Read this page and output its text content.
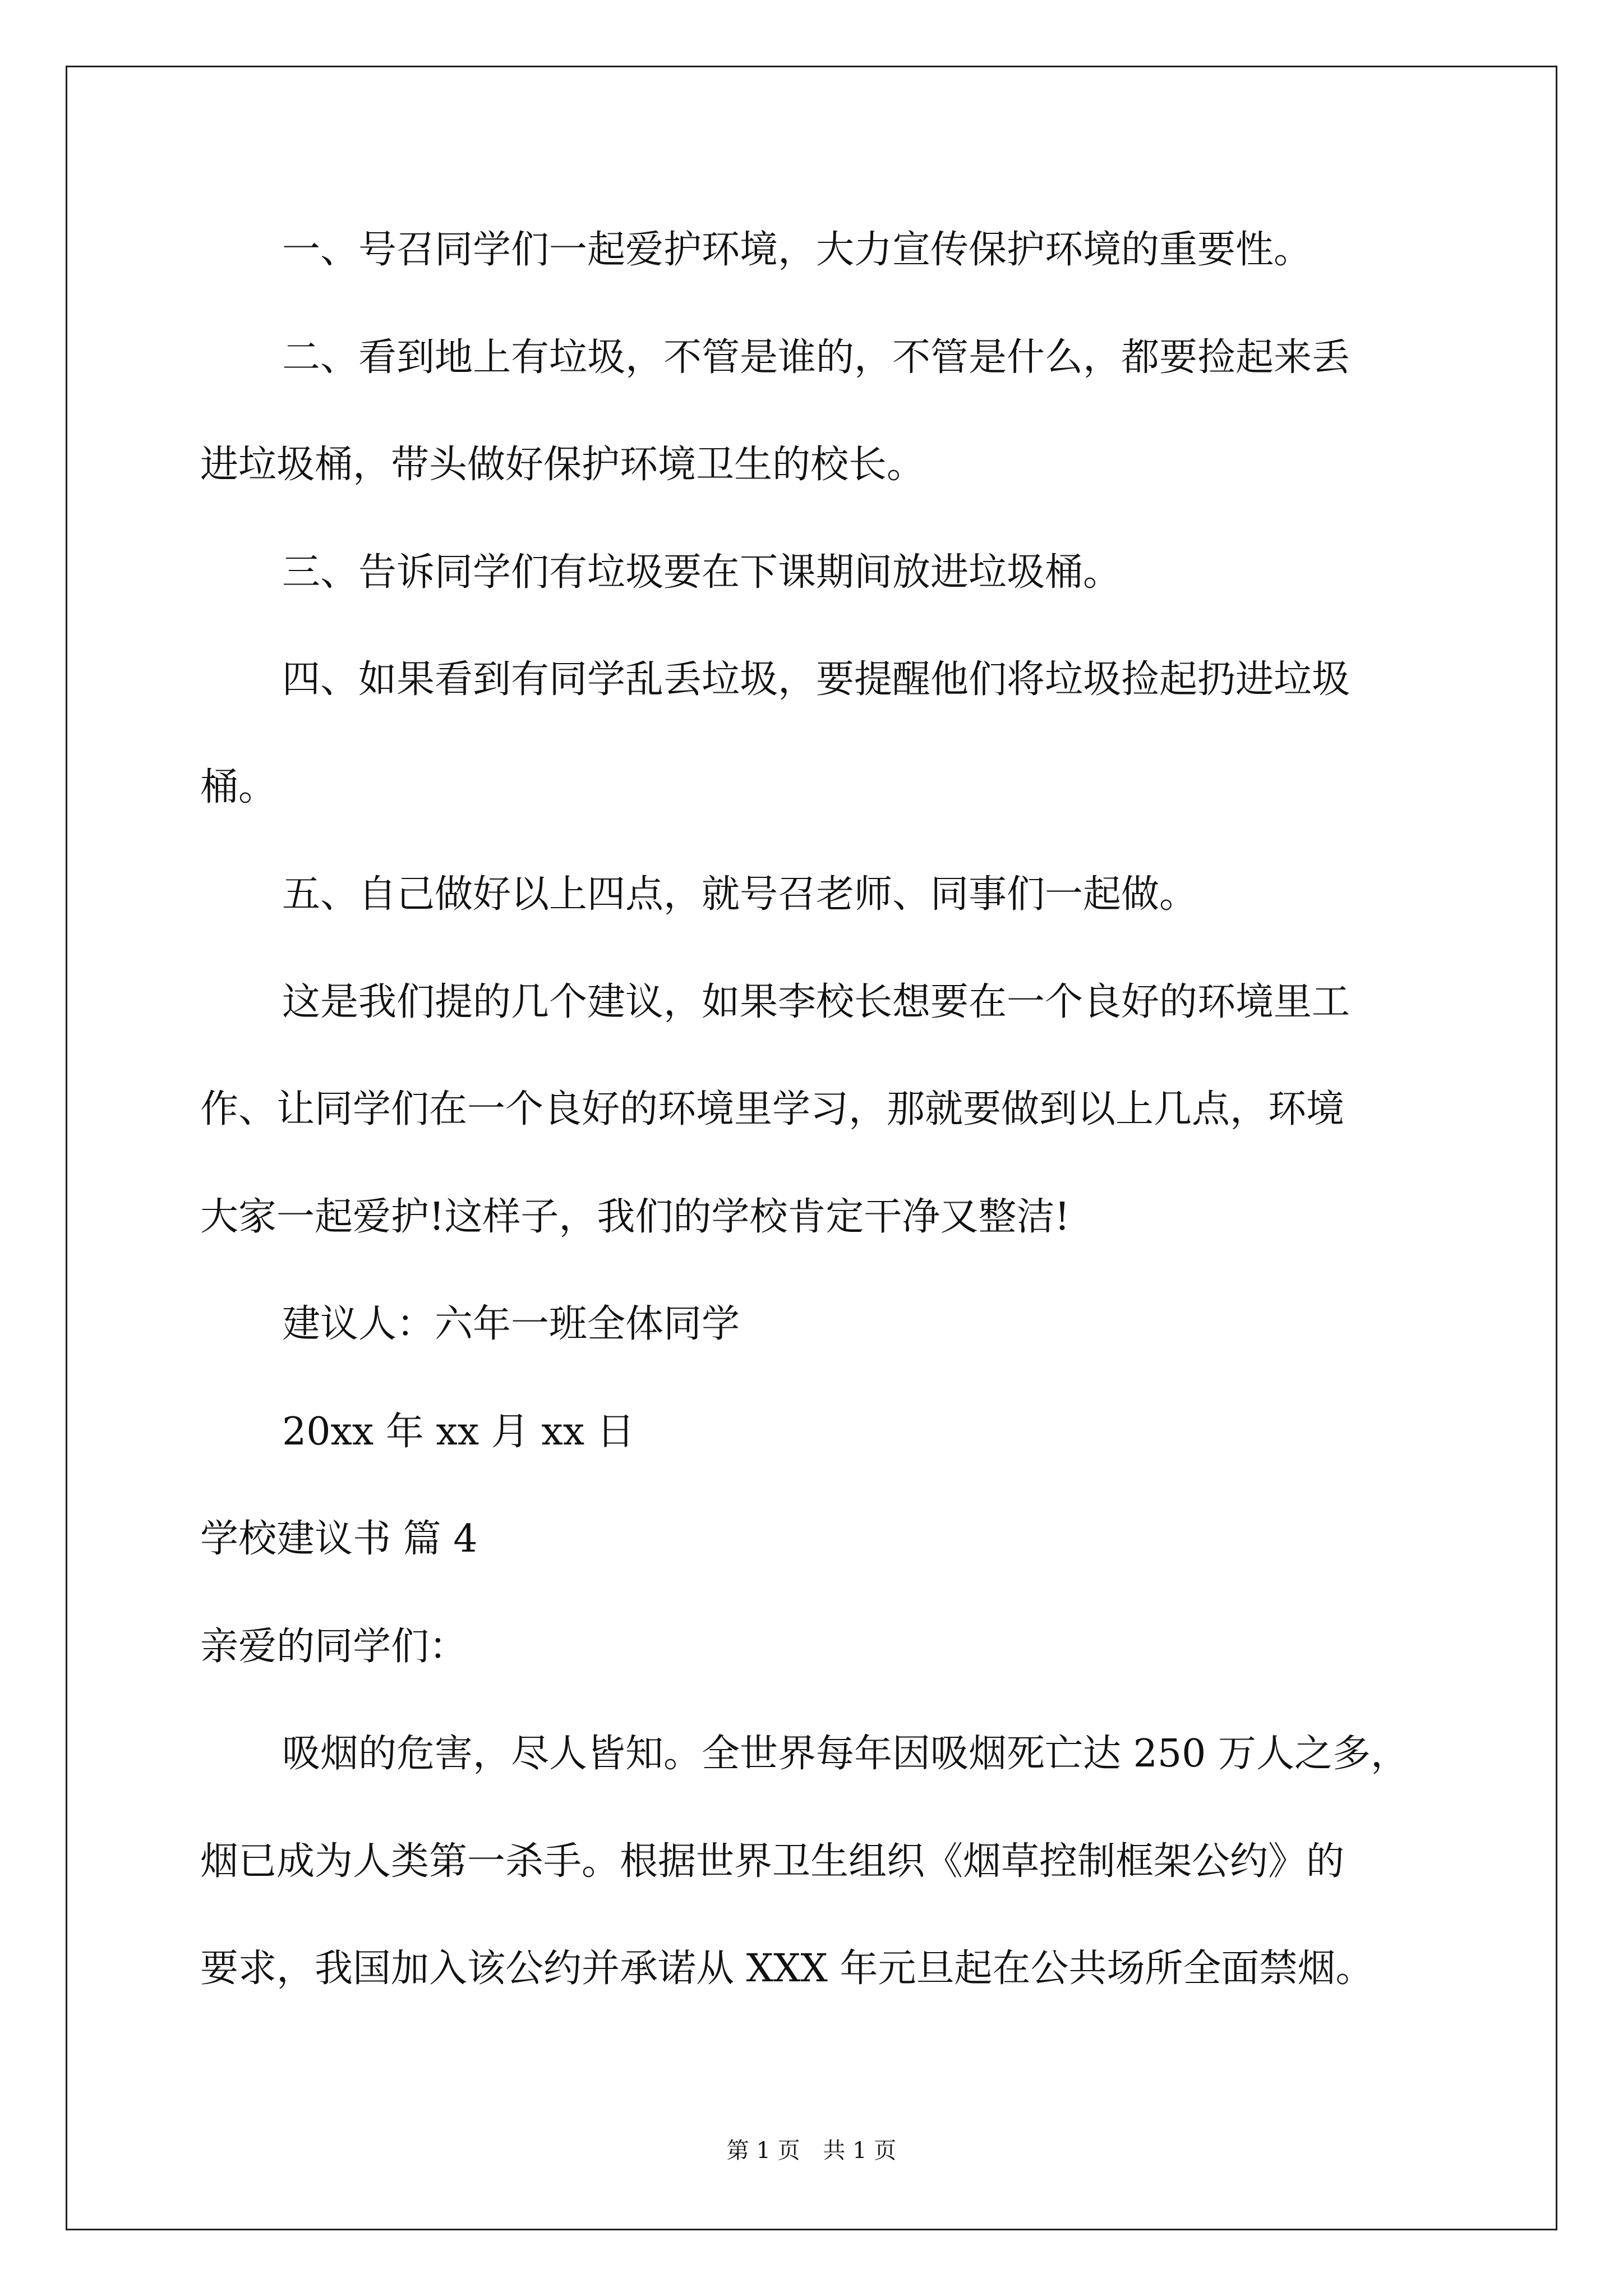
一、号召同学们一起爱护环境，大力宣传保护环境的重要性。

二、看到地上有垃圾，不管是谁的，不管是什么，都要捡起来丢

进垃圾桶，带头做好保护环境卫生的校长。

三、告诉同学们有垃圾要在下课期间放进垃圾桶。

四、如果看到有同学乱丢垃圾，要提醒他们将垃圾捡起扔进垃圾

桶。

五、自己做好以上四点，就号召老师、同事们一起做。

这是我们提的几个建议，如果李校长想要在一个良好的环境里工

作、让同学们在一个良好的环境里学习，那就要做到以上几点，环境

大家一起爱护!这样子，我们的学校肯定干净又整洁!

建议人：六年一班全体同学

20xx 年 xx 月 xx 日

学校建议书 篇 4

亲爱的同学们：

吸烟的危害，尽人皆知。全世界每年因吸烟死亡达 250 万人之多，

烟已成为人类第一杀手。根据世界卫生组织《烟草控制框架公约》的

要求，我国加入该公约并承诺从 XXX 年元旦起在公共场所全面禁烟。

第 1 页 共 1 页
